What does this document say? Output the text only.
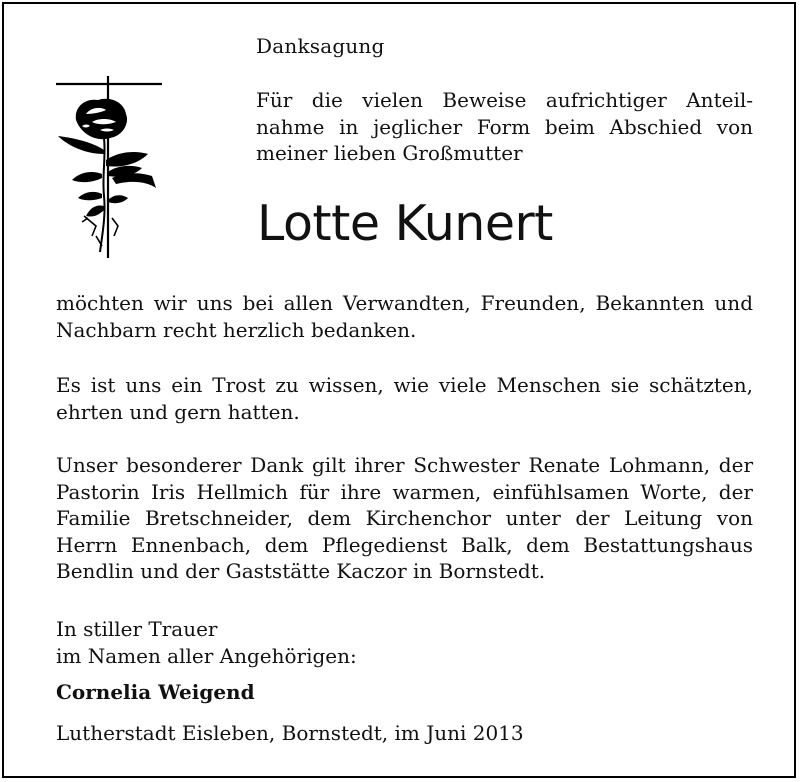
Danksagung
Für die vielen Beweise aufrichtiger Anteil-
nahme in jeglicher Form beim Abschied von
meiner lieben Großmutter
Lotte Kunert
möchten wir uns bei allen Verwandten, Freunden, Bekannten und
Nachbarn recht herzlich bedanken.
Es ist uns ein Trost zu wissen, wie viele Menschen sie schätzten,
ehrten und gern hatten.
Unser besonderer Dank gilt ihrer Schwester Renate Lohmann, der
Pastorin Iris Hellmich für ihre warmen, einfühlsamen Worte, der
Familie Bretschneider, dem Kirchenchor unter der Leitung von
Herrn Ennenbach, dem Pflegedienst Balk, dem Bestattungshaus
Bendlin und der Gaststätte Kaczor in Bornstedt.
In stiller Trauer
im Namen aller Angehörigen:
Cornelia Weigend
Lutherstadt Eisleben, Bornstedt, im Juni 2013
